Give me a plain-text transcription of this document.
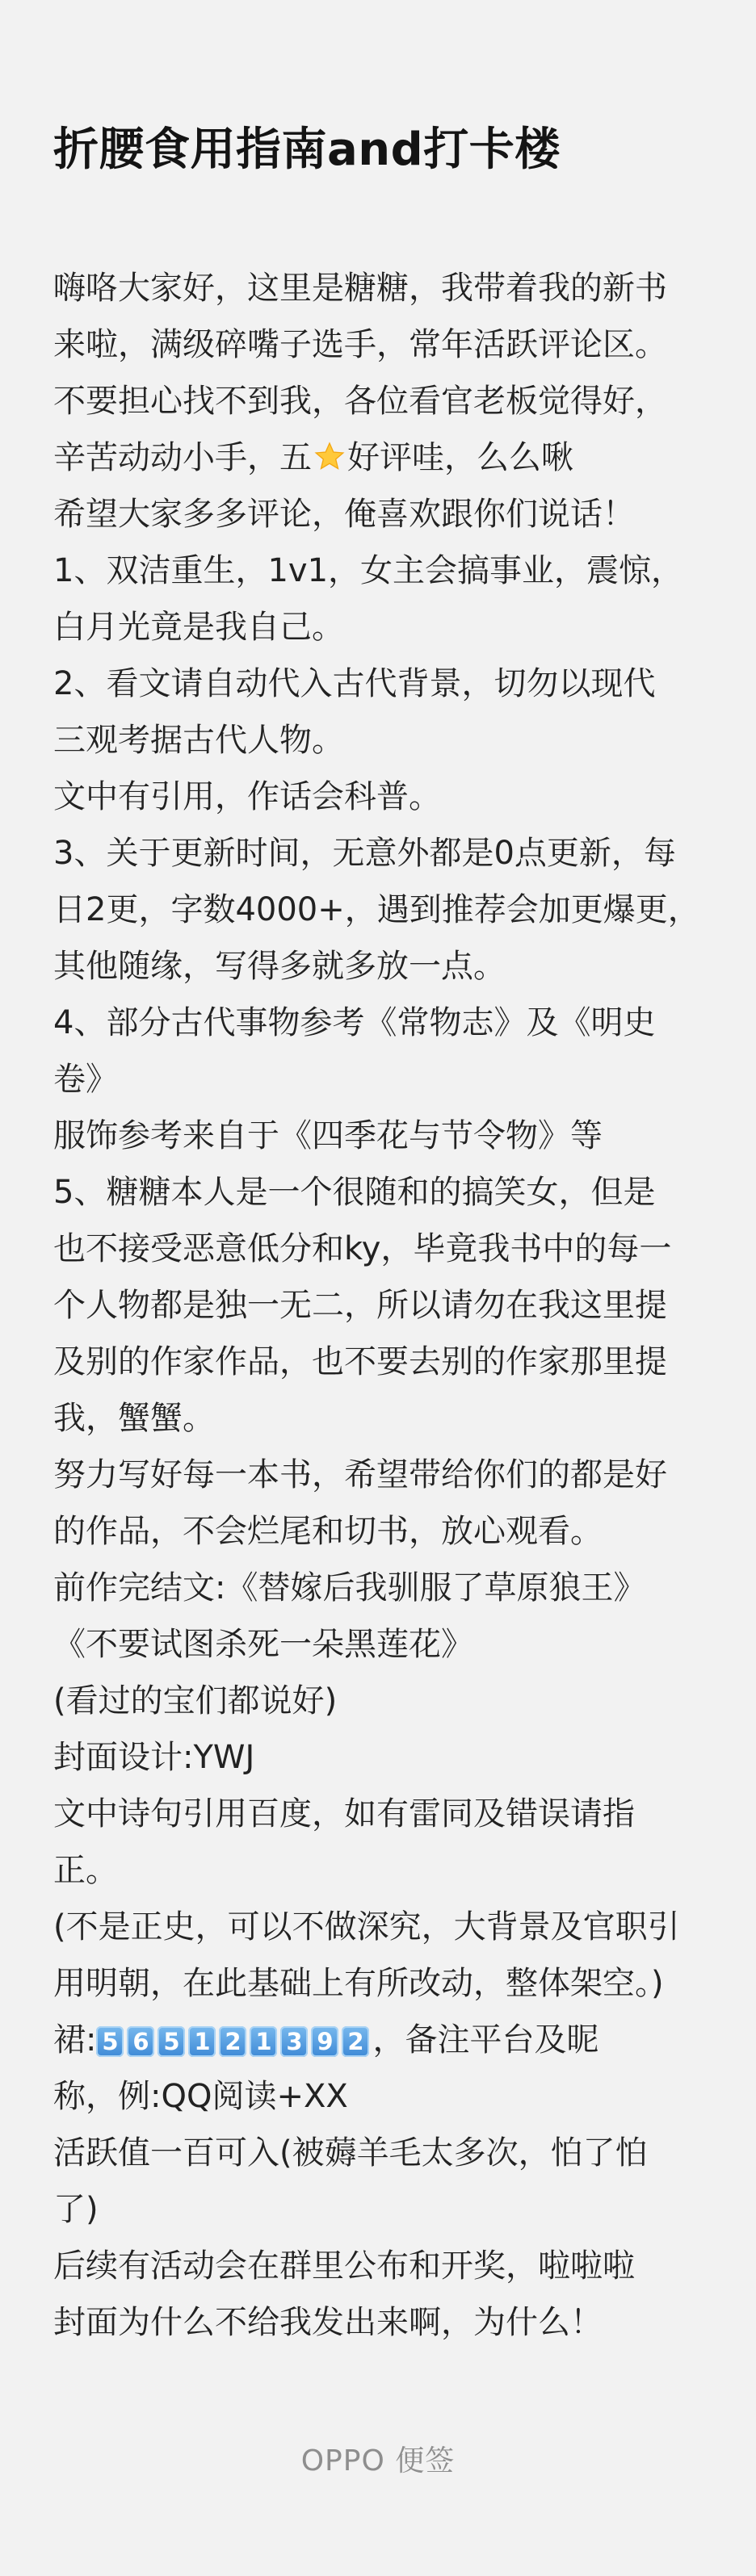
折腰食用指南and打卡楼
嗨咯大家好，这里是糖糖，我带着我的新书
来啦，满级碎嘴子选手，常年活跃评论区。
不要担心找不到我，各位看官老板觉得好，
辛苦动动小手，五 好评哇，么么啾
希望大家多多评论，俺喜欢跟你们说话！
1、双洁重生，1v1，女主会搞事业，震惊，
白月光竟是我自己。
2、看文请自动代入古代背景，切勿以现代
三观考据古代人物。
文中有引用，作话会科普。
3、关于更新时间，无意外都是0点更新，每
日2更，字数4000+，遇到推荐会加更爆更，
其他随缘，写得多就多放一点。
4、部分古代事物参考《常物志》及《明史
卷》
服饰参考来自于《四季花与节令物》等
5、糖糖本人是一个很随和的搞笑女，但是
也不接受恶意低分和ky，毕竟我书中的每一
个人物都是独一无二，所以请勿在我这里提
及别的作家作品，也不要去别的作家那里提
我，蟹蟹。
努力写好每一本书，希望带给你们的都是好
的作品，不会烂尾和切书，放心观看。
前作完结文:《替嫁后我驯服了草原狼王》
《不要试图杀死一朵黑莲花》
(看过的宝们都说好)
封面设计:YWJ
文中诗句引用百度，如有雷同及错误请指
正。
(不是正史，可以不做深究，大背景及官职引
用明朝，在此基础上有所改动，整体架空。)
裙: 5 6 5 1 2 1 3 9 2 ，备注平台及昵
称，例:QQ阅读+XX
活跃值一百可入(被薅羊毛太多次，怕了怕
了)
后续有活动会在群里公布和开奖，啦啦啦
封面为什么不给我发出来啊，为什么！
OPPO 便签
